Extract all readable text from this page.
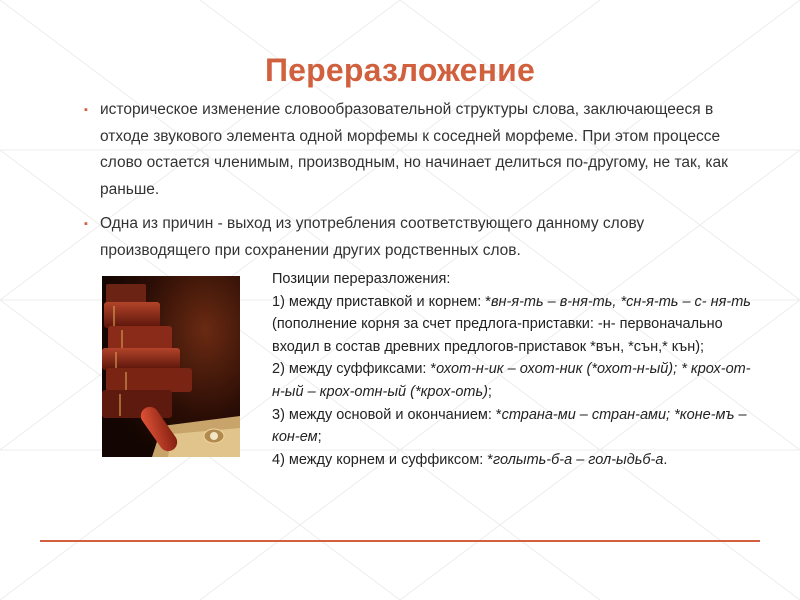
Переразложение
▪ историческое изменение словообразовательной структуры слова, заключающееся в отходе звукового элемента одной морфемы к соседней морфеме. При этом процессе слово остается членимым, производным, но начинает делиться по-другому, не так, как раньше.
▪ Одна из причин - выход из употребления соответствующего данному слову производящего при сохранении других родственных слов.
Позиции переразложения:
1) между приставкой и корнем: *вн-я-ть – в-ня-ть, *сн-я-ть – с- ня-ть (пополнение корня за счет предлога-приставки: -н- первоначально входил в состав древних предлогов-приставок *вън, *сън,* кън);
2) между суффиксами: *охот-н-ик – охот-ник (*охот-н-ый); * крох-от-н-ый – крох-отн-ый (*крох-оть);
3) между основой и окончанием: *страна-ми – стран-ами; *коне-мъ – кон-ем;
4) между корнем и суффиксом: *голыть-б-а – гол-ыдьб-а.
